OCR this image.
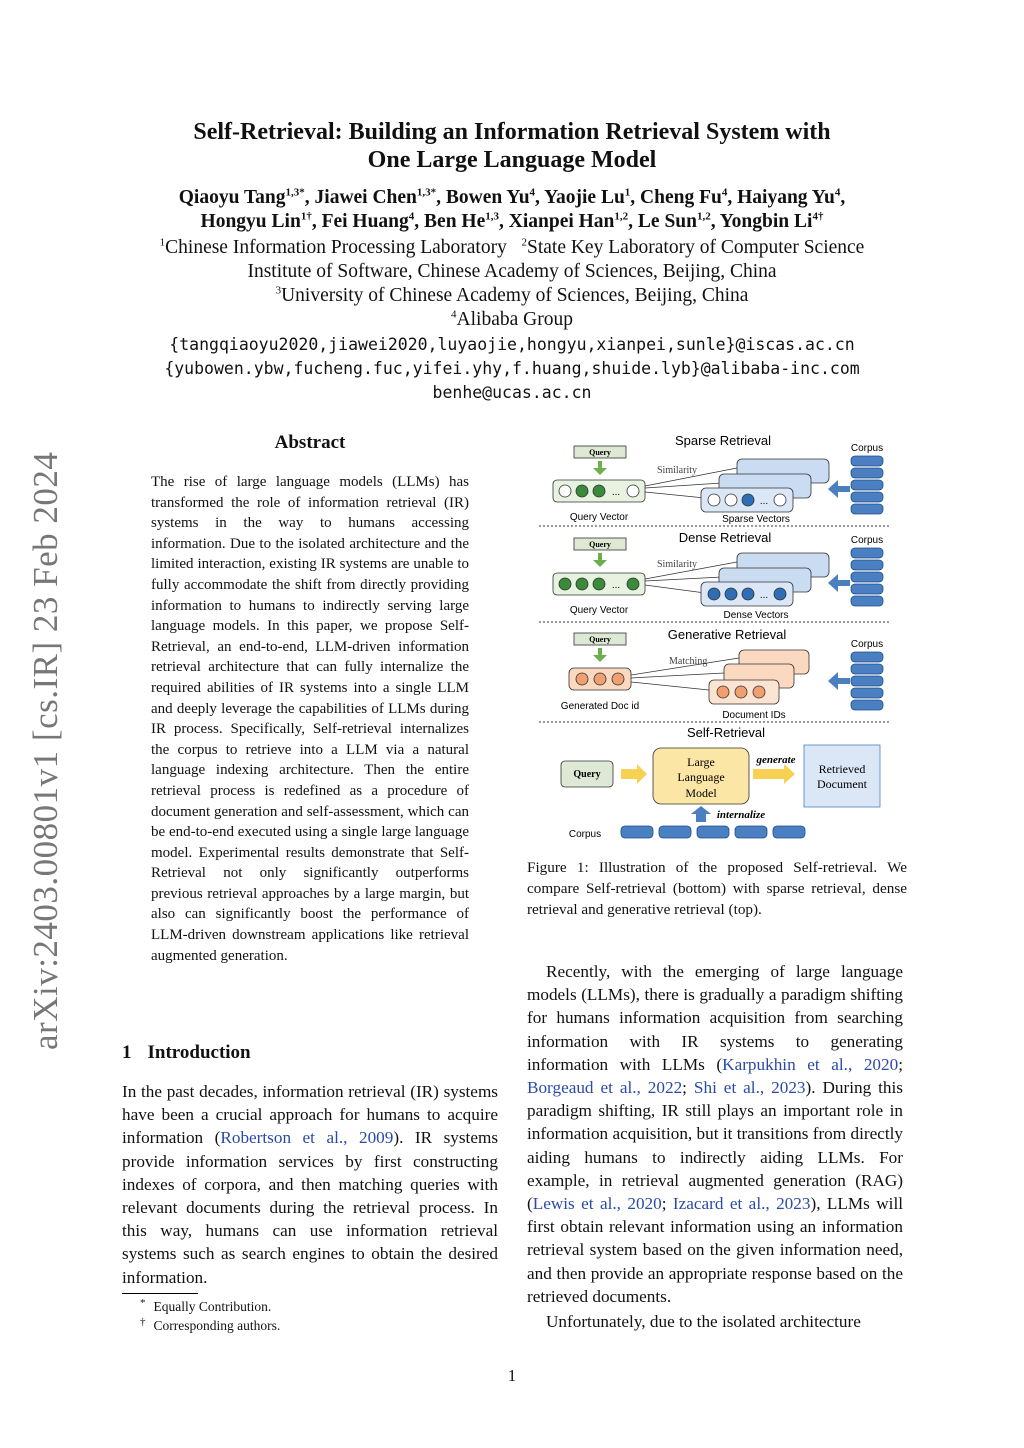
arXiv:2403.00801v1 [cs.IR] 23 Feb 2024
Self-Retrieval: Building an Information Retrieval System with
One Large Language Model
Qiaoyu Tang$^{1,3*}$, Jiawei Chen$^{1,3*}$, Bowen Yu$^4$, Yaojie Lu$^1$, Cheng Fu$^4$, Haiyang Yu$^4$,
Hongyu Lin$^{1\dagger}$, Fei Huang$^4$, Ben He$^{1,3}$, Xianpei Han$^{1,2}$, Le Sun$^{1,2}$, Yongbin $Li^{4\dagger}$
$^1$Chinese Information Processing Laboratory $^2$State Key Laboratory of Computer Science
Institute of Software, Chinese Academy of Sciences, Beijing, China
$^3$University of Chinese Academy of Sciences, Beijing, China
$^4$Alibaba Group
{tangqiaoyu2020,jiawei2020,luyaojie,hongyu,xianpei,sunle}@iscas.ac.cn
{yubowen.ybw,fucheng.fuc,yifei.yhy,f.huang,shuide.lyb}@alibaba-inc.com
benhe@ucas.ac.cn
Abstract
The rise of large language models (LLMs) has transformed the role of information retrieval (IR) systems in the way to humans accessing information. Due to the isolated architecture and the limited interaction, existing IR systems are unable to fully accommodate the shift from directly providing information to humans to indirectly serving large language models. In this paper, we propose Self-Retrieval, an end-to-end, LLM-driven information retrieval architecture that can fully internalize the required abilities of IR systems into a single LLM and deeply leverage the capabilities of LLMs during IR process. Specifically, Self-retrieval internalizes the corpus to retrieve into a LLM via a natural language indexing architecture. Then the entire retrieval process is redefined as a procedure of document generation and self-assessment, which can be end-to-end executed using a single large language model. Experimental results demonstrate that Self-Retrieval not only significantly outperforms previous retrieval approaches by a large margin, but also can significantly boost the performance of LLM-driven downstream applications like retrieval augmented generation.
1 Introduction
In the past decades, information retrieval (IR) systems have been a crucial approach for humans to acquire information (Robertson et al., 2009). IR systems provide information services by first constructing indexes of corpora, and then matching queries with relevant documents during the retrieval process. In this way, humans can use information retrieval systems such as search engines to obtain the desired information.
* Equally Contribution.
† Corresponding authors.
Sparse Retrieval
Query
...
Query Vector
Similarity
...
Sparse Vectors
Corpus
Dense Retrieval
Query
...
Query Vector
Similarity
...
Dense Vectors
Corpus
Generative Retrieval
Query
Generated Doc id
Matching
Document IDs
Corpus
Self-Retrieval
Query
Large
Language
Model
generate
Retrieved
Document
internalize
Corpus
Figure 1: Illustration of the proposed Self-retrieval. We compare Self-retrieval (bottom) with sparse retrieval, dense retrieval and generative retrieval (top).

Recently, with the emerging of large language models (LLMs), there is gradually a paradigm shifting for humans information acquisition from searching information with IR systems to generating information with LLMs (Karpukhin et al., 2020; Borgeaud et al., 2022; Shi et al., 2023). During this paradigm shifting, IR still plays an important role in information acquisition, but it transitions from directly aiding humans to indirectly aiding LLMs. For example, in retrieval augmented generation (RAG) (Lewis et al., 2020; Izacard et al., 2023), LLMs will first obtain relevant information using an information retrieval system based on the given information need, and then provide an appropriate response based on the retrieved documents.

Unfortunately, due to the isolated architecture

1
